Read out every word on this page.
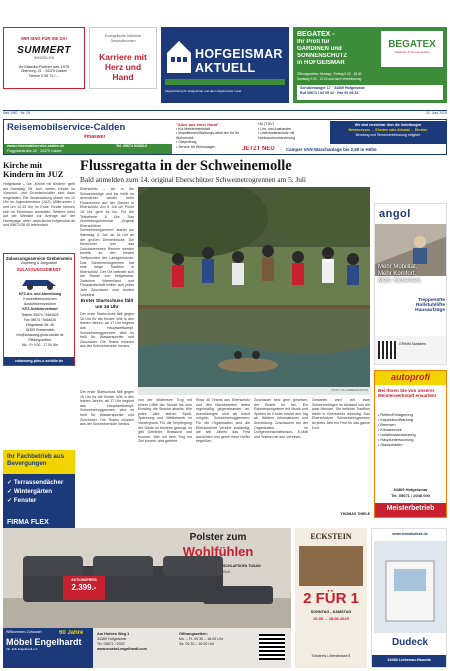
WIR SING FÜR SIE DA!
SUMMERT
IMMOBILIEN
Ihr Mandla-Partner seit 1975
Obervorg. 21 · 34379 Calden
Telefon 0 56 74 / ...
Evangelische Jobbörse
Gesundbrunnen
Karriere mit Herz und Hand
HOFGEISMAR
AKTUELL
Tageszeitung für Hofgeismar und das Hofgeismarer Land
BEGATEX -
Ihr Profi für
GARDINEN und
SONNENSCHUTZ
in HOFGEISMAR
BEGATEX
Gardinen & Sonnenschutz
Öffnungszeiten: Montag - Freitag 9.00 - 18.00
Samstag 9.00 - 13.00 und nach Vereinbarung
Schützenanger 17 · 34369 Hofgeismar
Ruf 05671 / 92 05 32 · Fax 92 05 33
Seit 1987 · Nr. 25	21. Juni 2025
Reisemobilservice-Calden
#maswer
www.reisemobilservice-calden.de	Tel. 05674 92300-0
Flugplatzstraße 45 · 34379 Calden
"Alles aus einer Hand"
• Kfz-Meisterwerkstatt
• Inspektionen/Wartungs-arbei-ten für Ihr Wohnmobil
• Gasprüfung
• Service für Wohnwagen
HU (TÜV)
• Um- und Ausbauten
• Unterbodenschutz mit Hohlraumkonservierung
JETZT NEU	Camper VAN-Waschanlage bis 2,90 m Höhe
Wir sind erreichbar über die Umleitungen
Meimbressen → Ehrsten oder Ahnatal → Ehrsten
Beratung und Terminvereinbarung möglich!
Kirche mit Kindern im JUZ
Hofgeismar – Die „Kirche mit Kindern“ geht am Samstag, 28. Juni, weiter. Kinder im Vorschul- und Grundschulalter sind dazu eingeladen. Die Veranstaltung startet um 10 Uhr im Jugendzentrum (JUZ), Millbrunnen 1 und um 12.30 Uhr im Ende. Kinder können sich im Ebenhaus anmelden. Weitere Infos auf der Website zur Anfrage auf der Homepage unter www.kirche-hofgeismar.de und 05671/38 40 telefonisch.
Zulassungsservice Grebenstein
Zoneberg & Jungnickel
ZULASSUNGSDIENST
KFZ-An- und Abmeldung
Kurzzeitkennzeichen
Ausfuhrkennzeichen
KFZ-Schilderverkauf
Telefon 05674 / 9464620
Fax 05674 / 9464626
Hofgeismar Str. 46
34393 Grebenstein
info@zulassung-gross-schilde.de
Öffnungszeiten:
Mo - Fr 9.00 - 17.00 Uhr
zulassung-plus-e-schilde.de
Ihr Fachbetrieb aus Bevergungen
✓ Terrassendächer
✓ Wintergärten
✓ Fenster
FIRMA FLEX
Flussregatta in der Schweinemolle
Bald anmelden zum 14. original Eberschützer Schweinetrogrennen am 5. Juli

Eberschütz – Ab in die Schweinetröge und los heißt es demnächst wieder beim Flussrennen auf der Diemel in Eberschütz. Am 5. Juli um Punkt 16 Uhr geht es los. Für die Teilnehmer 6 Uhr. Das Anmeldungsformular „Original Eberschützer Schweinetrogrennen“ startet am Samstag, 5. Juli, ab 16 Uhr an der großen Diemelbrücke. Die Einwohner und das Zuschauerinnen Rennen werden bereits zu den besten Treffpunkten der Landgemeinde. Das Schweinetrogrennen hat eine lange Tradition in Eberschütz. Der Ort befindet sich am Rande von Hofgeismar. Zwischen Wiesenland und Flusslandschaft treffen sich jedes Jahr Zuschauer zum bunten Volksfest.

Erster Startschuss fällt um 16 Uhr

Der erste Startschuss fällt gegen 16 Uhr für die Kinder. Wie in den letzten Jahren, ab 17 Uhr beginnt das Hauptwettkampf. Schweinetroggrennen: wird es heiß für Wassersportler und Zuschauer. Die Teams müssen aus der Schweinemolle heraus.

FOTO: KLV EBERSCHÜTZ
von der Wollensee Trog mit einem Löffel der Schule bis zum Einstieg, die Strecke abseits. Wie jedes Jahr stehen Spaß, Spannung und Wettbewerb im Vordergrund. Für die Verpflegung der Gäste ist bestens gesorgt, es gibt Getränke, Bratwurst und Kuchen. Wer mit dem Trog ins Ziel kommt, wird gefeiert.
Etwa 40 Teams aus Eberschütz und den Nachbarorten treten regelmäßig gegeneinander an. Anmeldungen sind ab sofort möglich. Schweinetroggrennen: Für die Organisation sind die Eberschützer Vereine zuständig, die seit Jahren das Fest ausrichten und gerne neue Helfer begrüßen.
Zuschauer sind gern gesehen, der Eintritt ist frei. Ein Rahmenprogramm mit Musik und Spielen für Kinder rundet den Tag ab. Weitere Informationen und Anmeldung: Zuschauern bei der Organisation im Dorfgemeinschaftshaus, E-Mail und Telefon bei den Vereinen.
Gestartet wird mit zwei Schweinetrögen im Abstand von ein paar Minuten. Die beliebte Tradition bleibt in Eberschütz lebendig. Das Eberschützer Schweinetrogrennen ist jedes Jahr ein Fest für das ganze Dorf.
THOMAS THIELE

Der erste Startschuss fällt gegen 16 Uhr für die Kinder. Wie in den letzten Jahren, ab 17 Uhr beginnt das Hauptwettkampf. Schweinetroggrennen: wird es heiß für Wassersportler und Zuschauer. Die Teams müssen aus der Schweinemolle heraus.

angol
Mehr Mobilität.
Mehr Komfort.
Mehr Sicherheit.
Treppenlifte
Rollstuhllifte
Hausaufzüge
GRIMM Sanitären
autoprofi
Bei Ihnen Sie von unserer Meisterwerkstatt erwarten!
• Reifen/Einlagerung
• Inspektion/Wartung
• Bremsen
• Klimaservice
• Unfallinstandsetzung
• Hauptuntersuchung
• Glasschaden
34369 Hofgeismar
Tel. 05671 / 2048 000
Meisterbetrieb
Polster zum
Wohlfühlen
AKTIONSPREIS
2.399.-
SCHLAFSOFA TUSAN
Stoff ...
Willkommen Zuhause!	60 Jahre
Möbel Engelhardt
Inh. Erik Engelhardt e.K.
Am Hohlen Weg 1
34369 Hofgeismar
Tel. 05671 / 2020
www.moebel-engelhardt.com
Öffnungszeiten:
Mo. – Fr. 09.30 – 18.00 Uhr
Sa. 09.30 – 16.00 Uhr
ECKSTEIN
2 FÜR 1
SONNTAG - SAMSTAG
20.06. – 28.06.2025
Ecksteins Löbenstrasse 8
www.teamdudeck.de
Dudeck
34366 Liebenau-Haueda
